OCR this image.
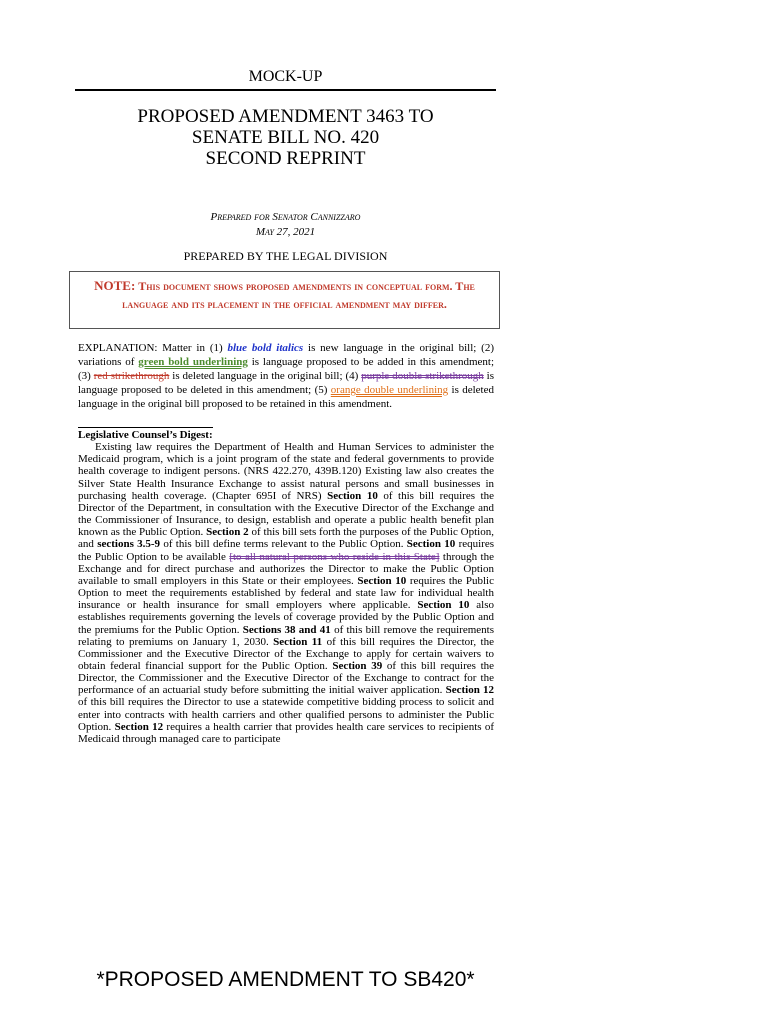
MOCK-UP
PROPOSED AMENDMENT 3463 TO
SENATE BILL NO. 420
SECOND REPRINT
Prepared for Senator Cannizzaro
May 27, 2021
PREPARED BY THE LEGAL DIVISION
NOTE: This document shows proposed amendments in conceptual form. The language and its placement in the official amendment may differ.
EXPLANATION: Matter in (1) blue bold italics is new language in the original bill; (2) variations of green bold underlining is language proposed to be added in this amendment; (3) red strikethrough is deleted language in the original bill; (4) purple double strikethrough is language proposed to be deleted in this amendment; (5) orange double underlining is deleted language in the original bill proposed to be retained in this amendment.
Legislative Counsel’s Digest:
Existing law requires the Department of Health and Human Services to administer the Medicaid program, which is a joint program of the state and federal governments to provide health coverage to indigent persons. (NRS 422.270, 439B.120) Existing law also creates the Silver State Health Insurance Exchange to assist natural persons and small businesses in purchasing health coverage. (Chapter 695I of NRS) Section 10 of this bill requires the Director of the Department, in consultation with the Executive Director of the Exchange and the Commissioner of Insurance, to design, establish and operate a public health benefit plan known as the Public Option. Section 2 of this bill sets forth the purposes of the Public Option, and sections 3.5-9 of this bill define terms relevant to the Public Option. Section 10 requires the Public Option to be available [to all natural persons who reside in this State] through the Exchange and for direct purchase and authorizes the Director to make the Public Option available to small employers in this State or their employees. Section 10 requires the Public Option to meet the requirements established by federal and state law for individual health insurance or health insurance for small employers where applicable. Section 10 also establishes requirements governing the levels of coverage provided by the Public Option and the premiums for the Public Option. Sections 38 and 41 of this bill remove the requirements relating to premiums on January 1, 2030. Section 11 of this bill requires the Director, the Commissioner and the Executive Director of the Exchange to apply for certain waivers to obtain federal financial support for the Public Option. Section 39 of this bill requires the Director, the Commissioner and the Executive Director of the Exchange to contract for the performance of an actuarial study before submitting the initial waiver application. Section 12 of this bill requires the Director to use a statewide competitive bidding process to solicit and enter into contracts with health carriers and other qualified persons to administer the Public Option. Section 12 requires a health carrier that provides health care services to recipients of Medicaid through managed care to participate
*PROPOSED AMENDMENT TO SB420*
